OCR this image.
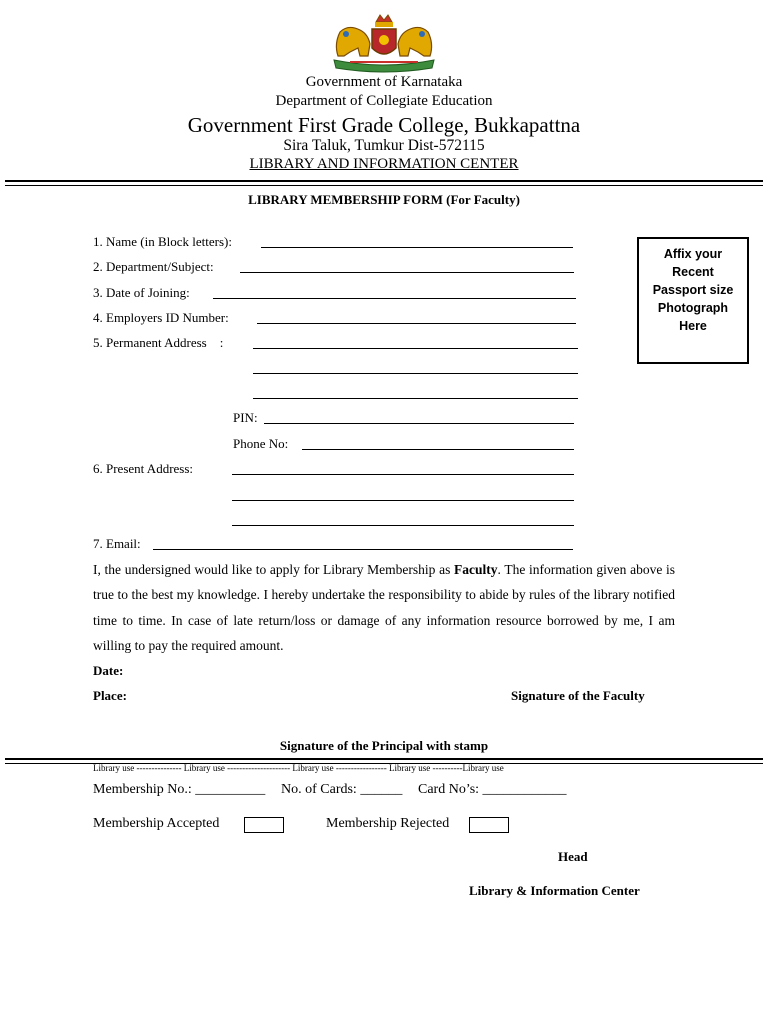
Government of Karnataka
Department of Collegiate Education
Government First Grade College, Bukkapattna
Sira Taluk, Tumkur Dist-572115
LIBRARY AND INFORMATION CENTER
LIBRARY MEMBERSHIP FORM (For Faculty)
Affix your
Recent
Passport size
Photograph
Here
1. Name (in Block letters):
2. Department/Subject:
3. Date of Joining:
4. Employers ID Number:
5. Permanent Address    :
PIN:
Phone No:
6. Present Address:
7. Email:
I, the undersigned would like to apply for Library Membership as Faculty. The information given above is true to the best my knowledge. I hereby undertake the responsibility to abide by rules of the library notified time to time. In case of late return/loss or damage of any information resource borrowed by me, I am willing to pay the required amount.
Date:
Place:	Signature of the Faculty
Signature of the Principal with stamp
Library use --------------- Library use --------------------- Library use ----------------- Library use ----------Library use
Membership No.: __________ No. of Cards: ______ Card No’s: ____________
Membership Accepted	Membership Rejected
Head
Library & Information Center
